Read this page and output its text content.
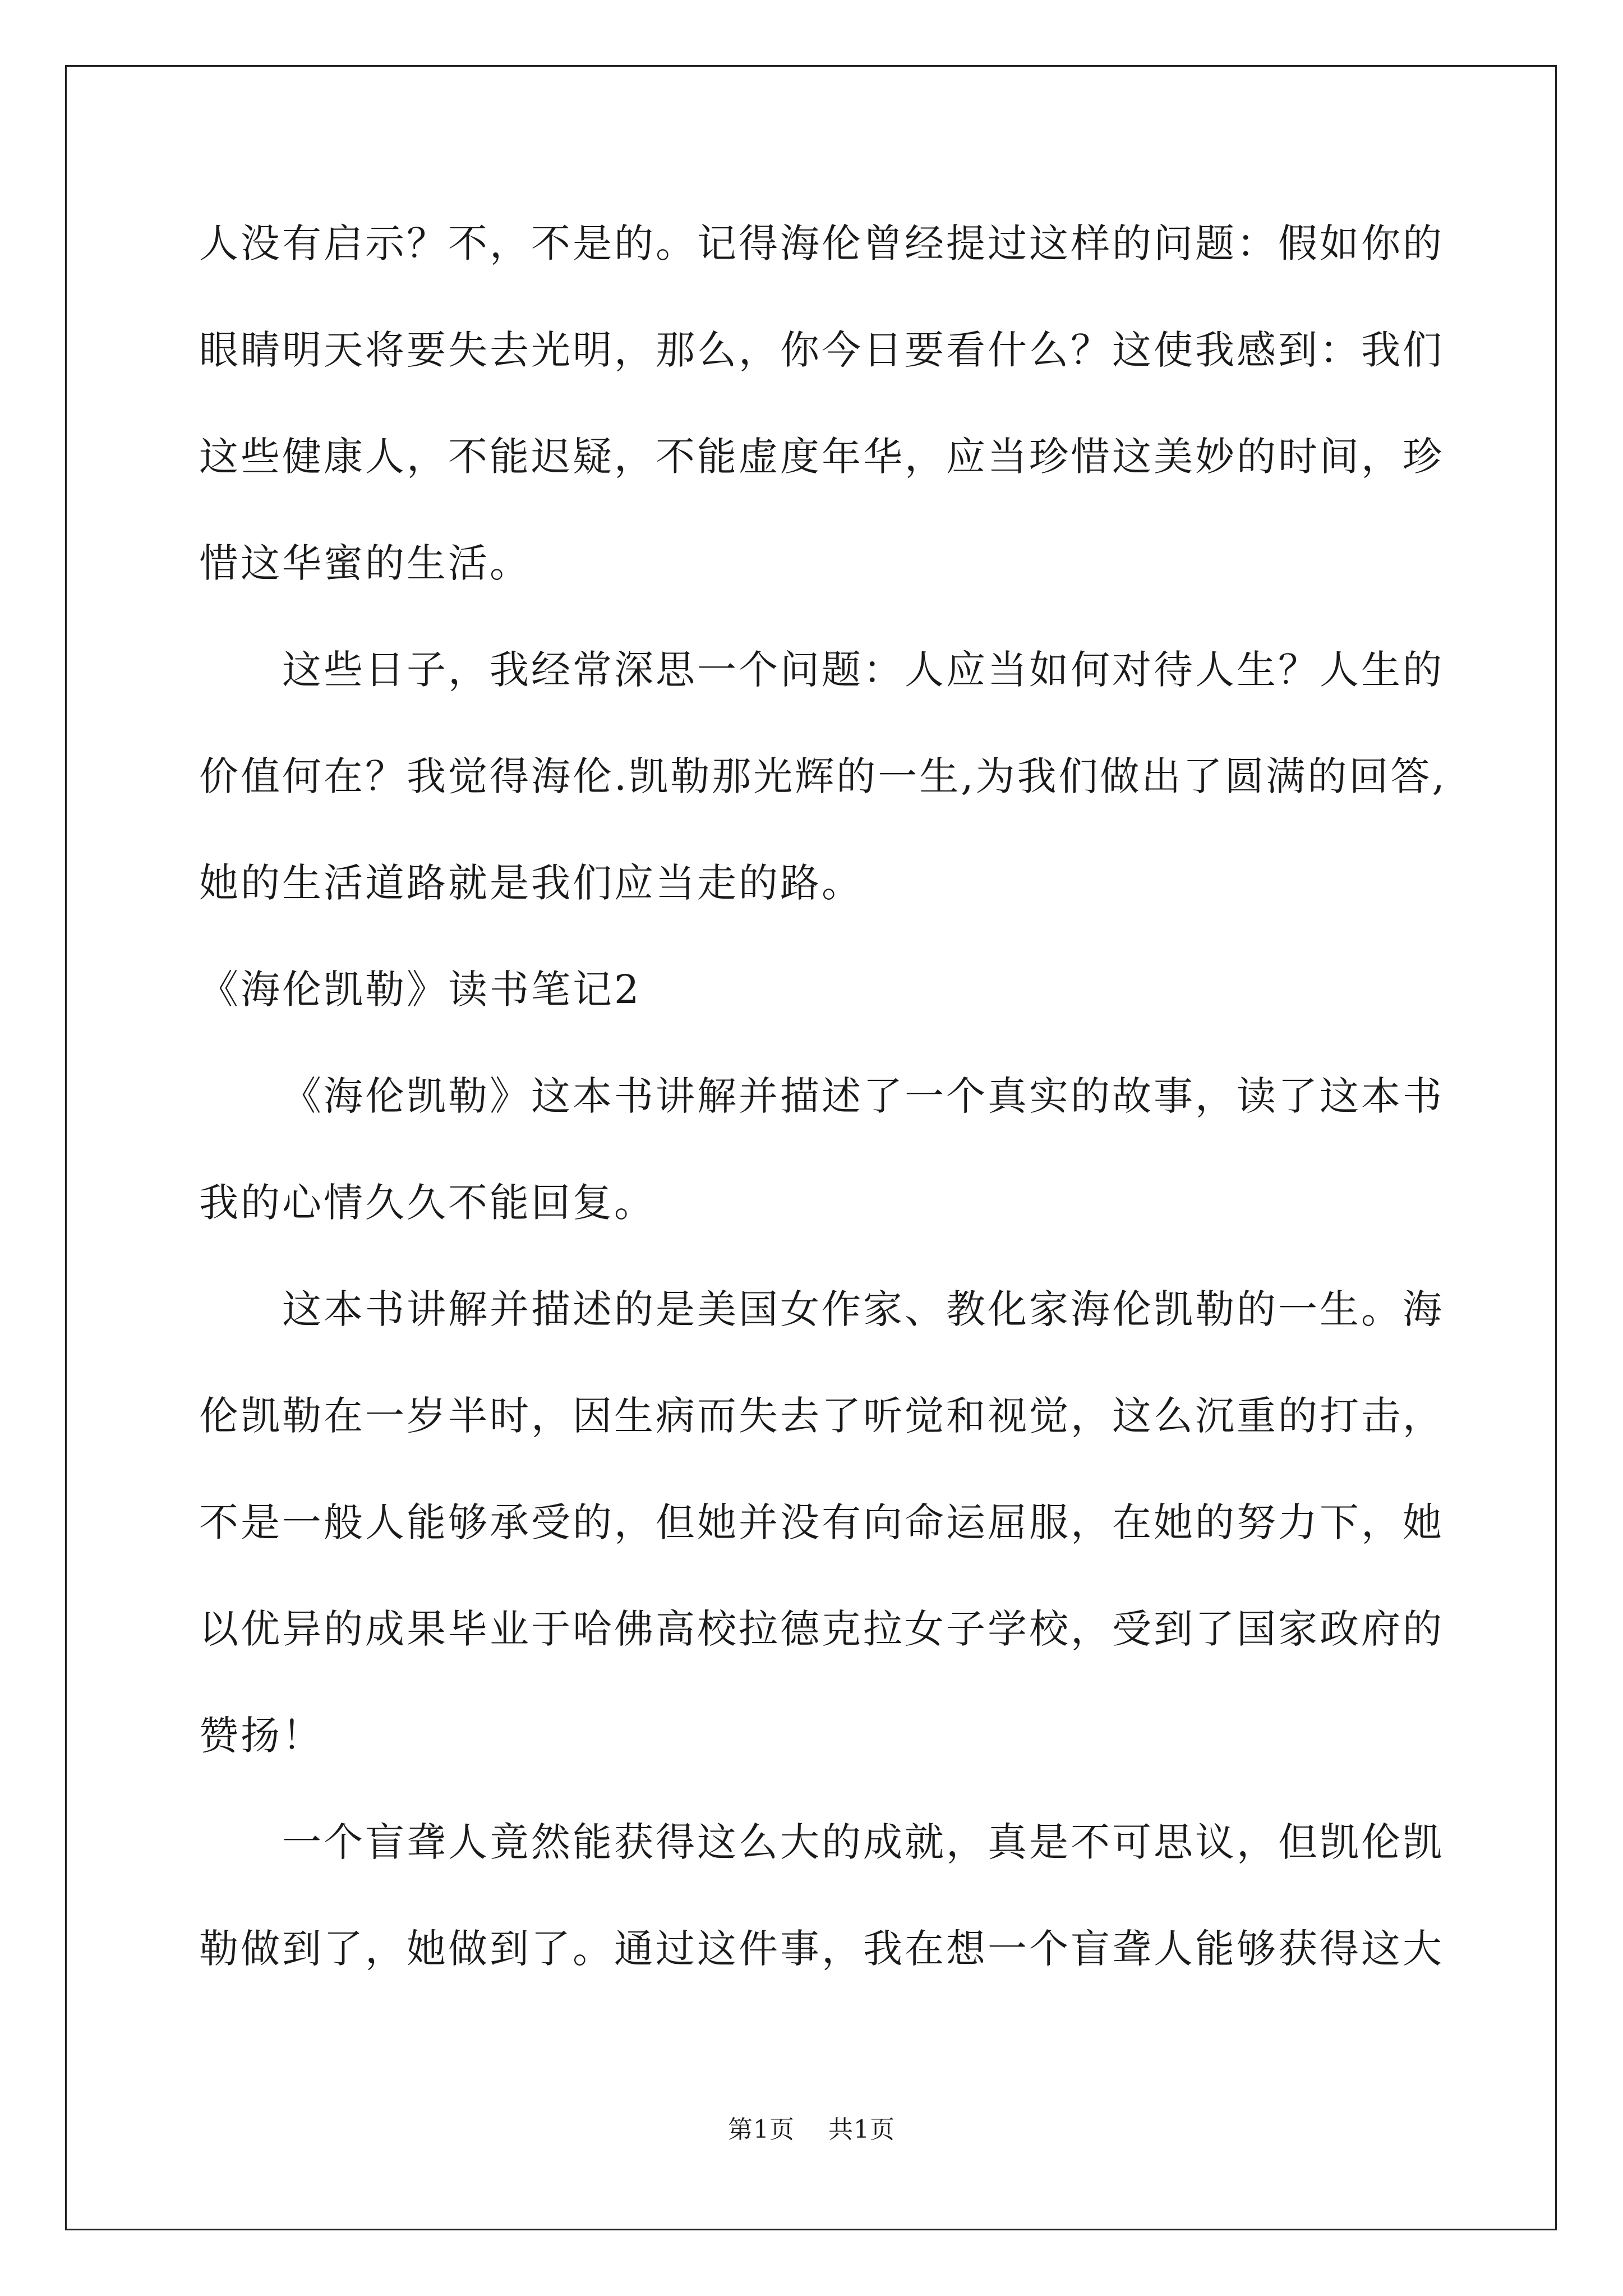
人没有启示？不，不是的。记得海伦曾经提过这样的问题：假如你的
眼睛明天将要失去光明，那么，你今日要看什么？这使我感到：我们
这些健康人，不能迟疑，不能虚度年华，应当珍惜这美妙的时间，珍
惜这华蜜的生活。
这些日子，我经常深思一个问题：人应当如何对待人生？人生的
价值何在？我觉得海伦.凯勒那光辉的一生,为我们做出了圆满的回答,
她的生活道路就是我们应当走的路。
《海伦凯勒》读书笔记2
《海伦凯勒》这本书讲解并描述了一个真实的故事，读了这本书
我的心情久久不能回复。
这本书讲解并描述的是美国女作家、教化家海伦凯勒的一生。海
伦凯勒在一岁半时，因生病而失去了听觉和视觉，这么沉重的打击，
不是一般人能够承受的，但她并没有向命运屈服，在她的努力下，她
以优异的成果毕业于哈佛高校拉德克拉女子学校，受到了国家政府的
赞扬！
一个盲聋人竟然能获得这么大的成就，真是不可思议，但凯伦凯
勒做到了，她做到了。通过这件事，我在想一个盲聋人能够获得这大
第1页 共1页
